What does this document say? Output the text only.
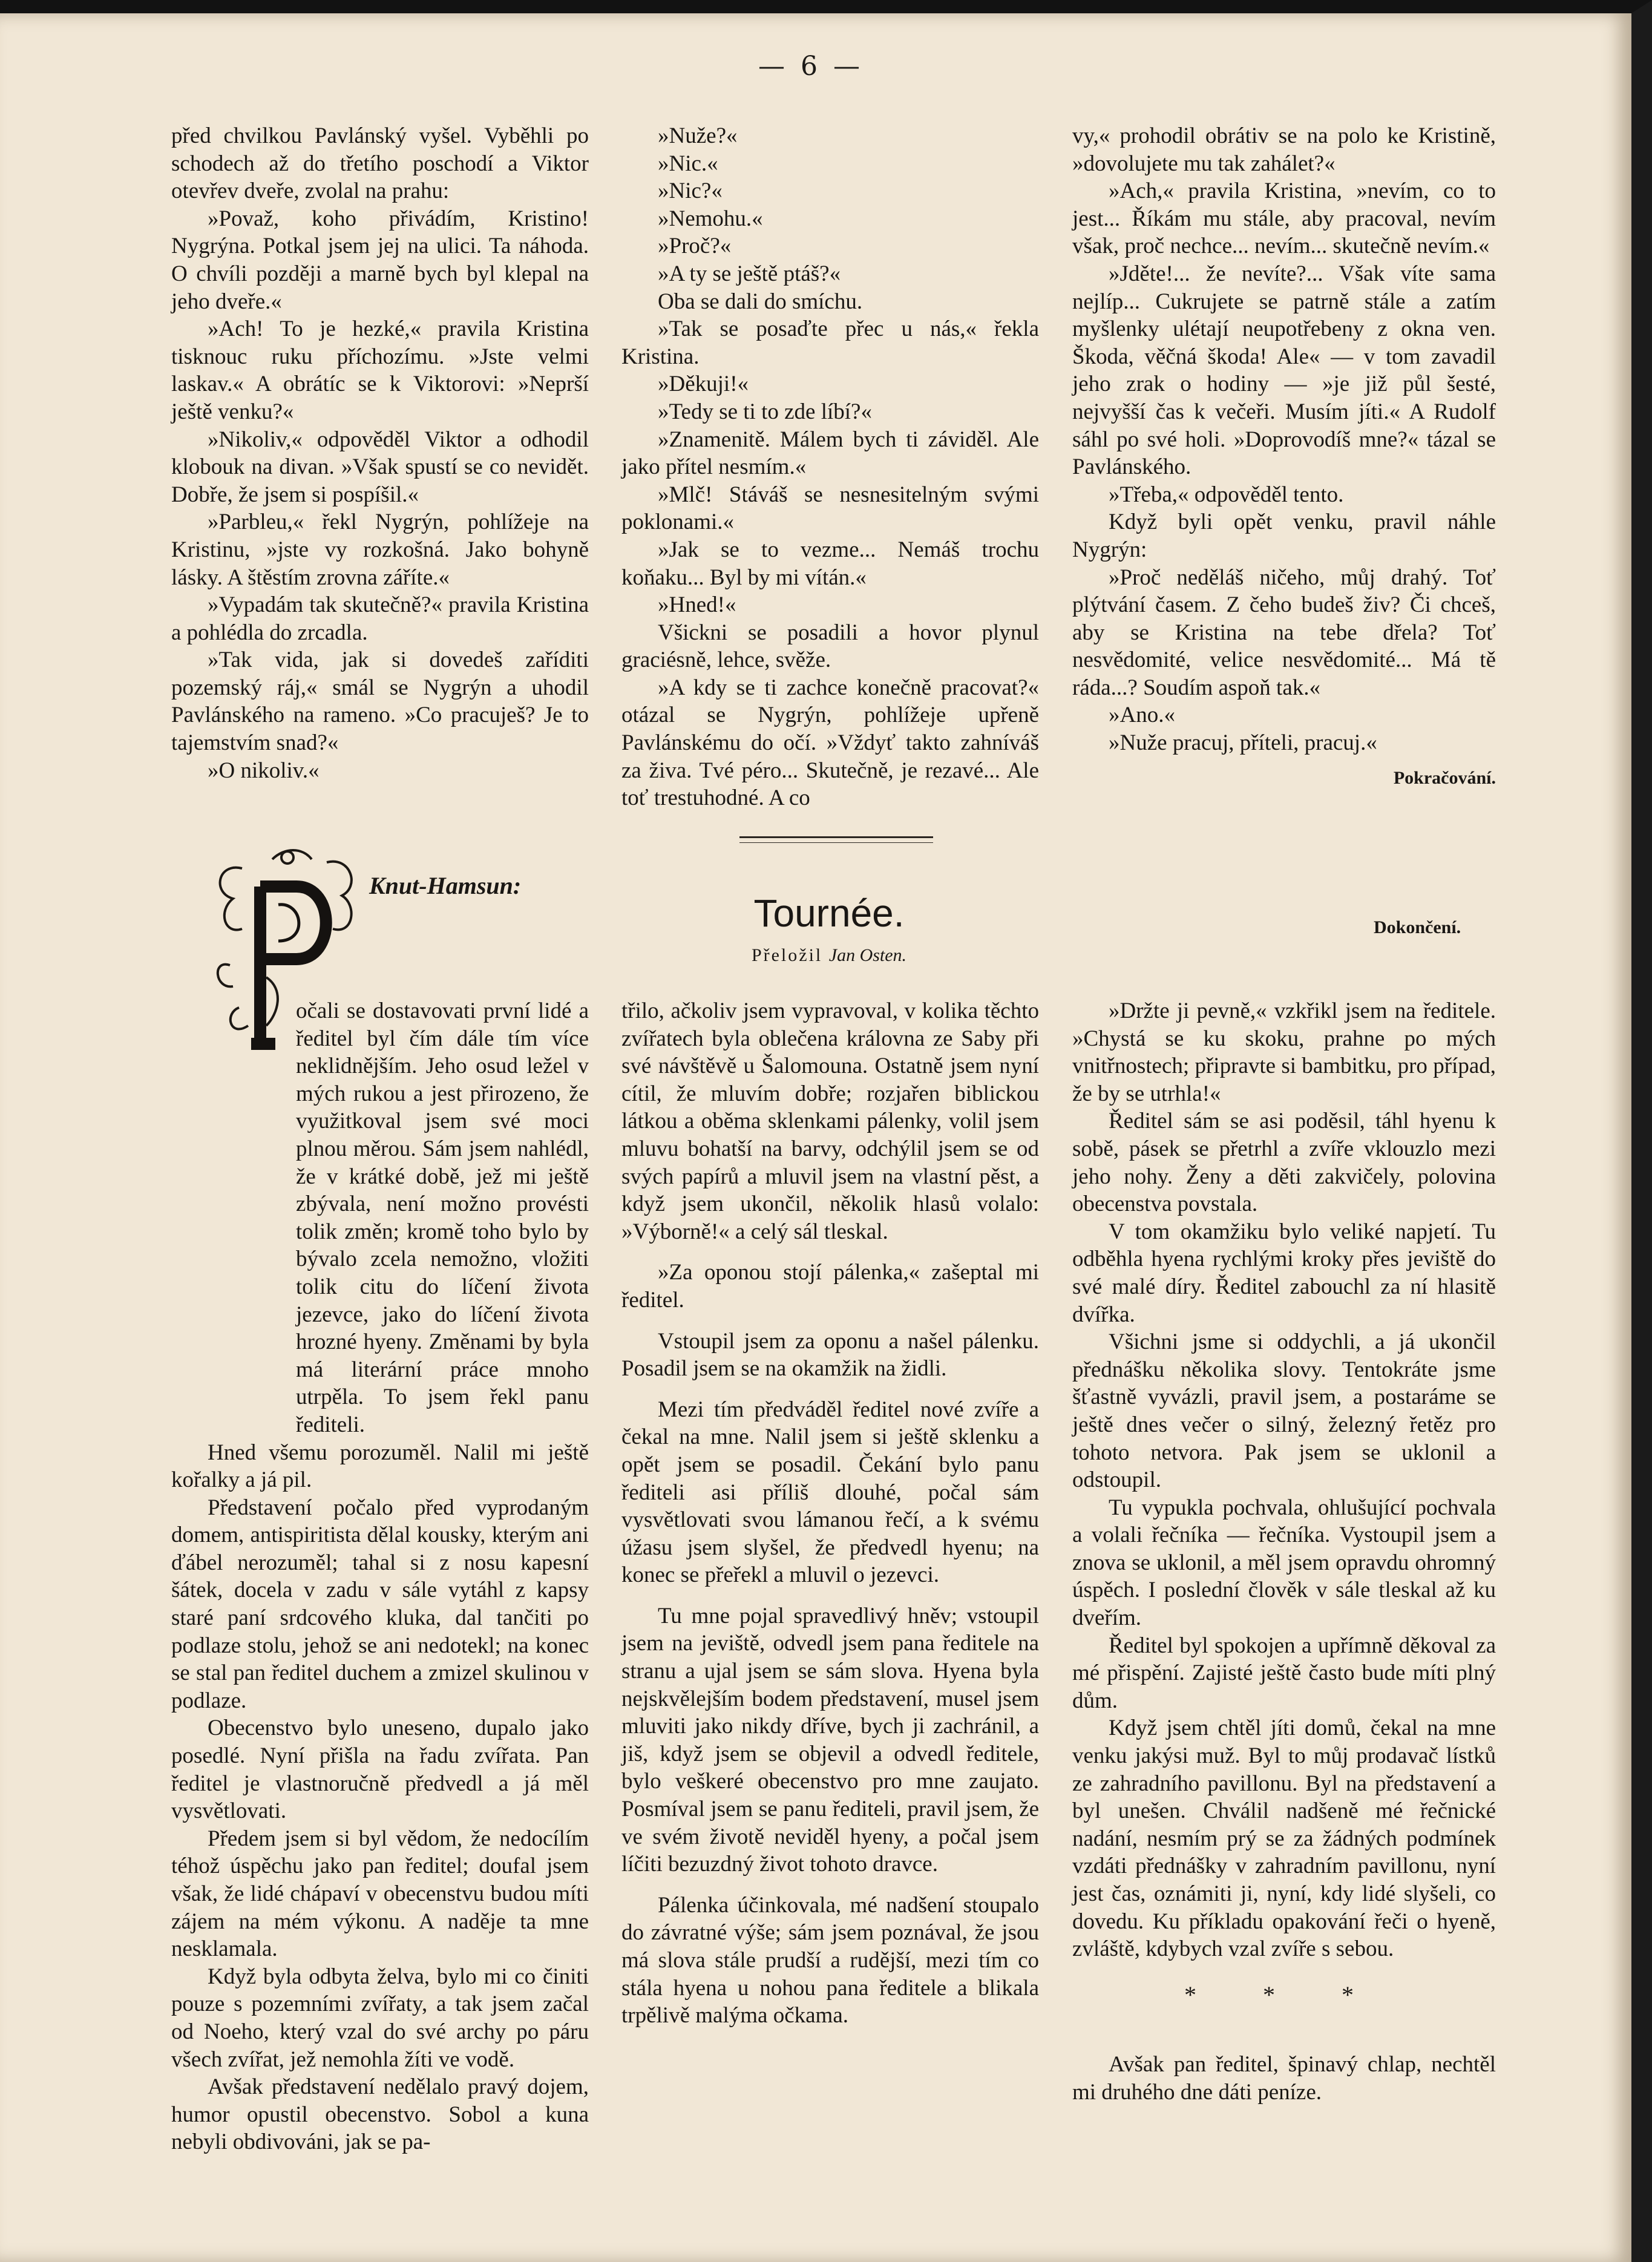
— 6 —

před chvilkou Pavlánský vyšel. Vyběhli po schodech až do třetího poschodí a Viktor otevřev dveře, zvolal na prahu:

»Považ, koho přivádím, Kristino! Nygrýna. Potkal jsem jej na ulici. Ta náhoda. O chvíli později a marně bych byl klepal na jeho dveře.«

»Ach! To je hezké,« pravila Kristina tisknouc ruku příchozímu. »Jste velmi laskav.« A obrátíc se k Viktorovi: »Neprší ještě venku?«

»Nikoliv,« odpověděl Viktor a odhodil klobouk na divan. »Však spustí se co nevidět. Dobře, že jsem si pospíšil.«

»Parbleu,« řekl Nygrýn, pohlížeje na Kristinu, »jste vy rozkošná. Jako bohyně lásky. A štěstím zrovna záříte.«

»Vypadám tak skutečně?« pravila Kristina a pohlédla do zrcadla.

»Tak vida, jak si dovedeš zaříditi pozemský ráj,« smál se Nygrýn a uhodil Pavlánského na rameno. »Co pracuješ? Je to tajemstvím snad?«

»O nikoliv.«

»Nuže?«

»Nic.«

»Nic?«

»Nemohu.«

»Proč?«

»A ty se ještě ptáš?«

Oba se dali do smíchu.

»Tak se posaďte přec u nás,« řekla Kristina.

»Děkuji!«

»Tedy se ti to zde líbí?«

»Znamenitě. Málem bych ti záviděl. Ale jako přítel nesmím.«

»Mlč! Stáváš se nesnesitelným svými poklonami.«

»Jak se to vezme... Nemáš trochu koňaku... Byl by mi vítán.«

»Hned!«

Všickni se posadili a hovor plynul graciésně, lehce, svěže.

»A kdy se ti zachce konečně pracovat?« otázal se Nygrýn, pohlížeje upřeně Pavlánskému do očí. »Vždyť takto zahníváš za živa. Tvé péro... Skutečně, je rezavé... Ale toť trestuhodné. A co

vy,« prohodil obrátiv se na polo ke Kristině, »dovolujete mu tak zahálet?«

»Ach,« pravila Kristina, »nevím, co to jest... Říkám mu stále, aby pracoval, nevím však, proč nechce... nevím... skutečně nevím.«

»Jděte!... že nevíte?... Však víte sama nejlíp... Cukrujete se patrně stále a zatím myšlenky ulétají neupotřebeny z okna ven. Škoda, věčná škoda! Ale« — v tom zavadil jeho zrak o hodiny — »je již půl šesté, nejvyšší čas k večeři. Musím jíti.« A Rudolf sáhl po své holi. »Doprovodíš mne?« tázal se Pavlánského.

»Třeba,« odpověděl tento.

Když byli opět venku, pravil náhle Nygrýn:

»Proč neděláš ničeho, můj drahý. Toť plýtvání časem. Z čeho budeš živ? Či chceš, aby se Kristina na tebe dřela? Toť nesvědomité, velice nesvědomité... Má tě ráda...? Soudím aspoň tak.«

»Ano.«

»Nuže pracuj, příteli, pracuj.«

Pokračování.

Knut-Hamsun:
Tournée.
Přeložil Jan Osten.
Dokončení.

očali se dostavovati první lidé a ředitel byl čím dále tím více neklidnějším. Jeho osud ležel v mých rukou a jest přirozeno, že využitkoval jsem své moci plnou měrou. Sám jsem nahlédl, že v krátké době, jež mi ještě zbývala, není možno provésti tolik změn; kromě toho bylo by bývalo zcela nemožno, vložiti tolik citu do líčení života jezevce, jako do líčení života hrozné hyeny. Změnami by byla má literární práce mnoho utrpěla. To jsem řekl panu řediteli.

Hned všemu porozuměl. Nalil mi ještě kořalky a já pil.

Představení počalo před vyprodaným domem, antispiritista dělal kousky, kterým ani ďábel nerozuměl; tahal si z nosu kapesní šátek, docela v zadu v sále vytáhl z kapsy staré paní srdcového kluka, dal tančiti po podlaze stolu, jehož se ani nedotekl; na konec se stal pan ředitel duchem a zmizel skulinou v podlaze.

Obecenstvo bylo uneseno, dupalo jako posedlé. Nyní přišla na řadu zvířata. Pan ředitel je vlastnoručně předvedl a já měl vysvětlovati.

Předem jsem si byl vědom, že nedocílím téhož úspěchu jako pan ředitel; doufal jsem však, že lidé chápaví v obecenstvu budou míti zájem na mém výkonu. A naděje ta mne nesklamala.

Když byla odbyta želva, bylo mi co činiti pouze s pozemními zvířaty, a tak jsem začal od Noeho, který vzal do své archy po páru všech zvířat, jež nemohla žíti ve vodě.

Avšak představení nedělalo pravý dojem, humor opustil obecenstvo. Sobol a kuna nebyli obdivováni, jak se pa-

třilo, ačkoliv jsem vypravoval, v kolika těchto zvířatech byla oblečena královna ze Saby při své návštěvě u Šalomouna. Ostatně jsem nyní cítil, že mluvím dobře; rozjařen biblickou látkou a oběma sklenkami pálenky, volil jsem mluvu bohatší na barvy, odchýlil jsem se od svých papírů a mluvil jsem na vlastní pěst, a když jsem ukončil, několik hlasů volalo: »Výborně!« a celý sál tleskal.

»Za oponou stojí pálenka,« zašeptal mi ředitel.

Vstoupil jsem za oponu a našel pálenku. Posadil jsem se na okamžik na židli.

Mezi tím předváděl ředitel nové zvíře a čekal na mne. Nalil jsem si ještě sklenku a opět jsem se posadil. Čekání bylo panu řediteli asi příliš dlouhé, počal sám vysvětlovati svou lámanou řečí, a k svému úžasu jsem slyšel, že předvedl hyenu; na konec se přeřekl a mluvil o jezevci.

Tu mne pojal spravedlivý hněv; vstoupil jsem na jeviště, odvedl jsem pana ředitele na stranu a ujal jsem se sám slova. Hyena byla nejskvělejším bodem představení, musel jsem mluviti jako nikdy dříve, bych ji zachránil, a jiš, když jsem se objevil a odvedl ředitele, bylo veškeré obecenstvo pro mne zaujato. Posmíval jsem se panu řediteli, pravil jsem, že ve svém životě neviděl hyeny, a počal jsem líčiti bezuzdný život tohoto dravce.

Pálenka účinkovala, mé nadšení stoupalo do závratné výše; sám jsem poznával, že jsou má slova stále prudší a rudější, mezi tím co stála hyena u nohou pana ředitele a blikala trpělivě malýma očkama.

»Držte ji pevně,« vzkřikl jsem na ředitele. »Chystá se ku skoku, prahne po mých vnitřnostech; připravte si bambitku, pro případ, že by se utrhla!«

Ředitel sám se asi poděsil, táhl hyenu k sobě, pásek se přetrhl a zvíře vklouzlo mezi jeho nohy. Ženy a děti zakvičely, polovina obecenstva povstala.

V tom okamžiku bylo veliké napjetí. Tu odběhla hyena rychlými kroky přes jeviště do své malé díry. Ředitel zabouchl za ní hlasitě dvířka.

Všichni jsme si oddychli, a já ukončil přednášku několika slovy. Tentokráte jsme šťastně vyvázli, pravil jsem, a postaráme se ještě dnes večer o silný, železný řetěz pro tohoto netvora. Pak jsem se uklonil a odstoupil.

Tu vypukla pochvala, ohlušující pochvala a volali řečníka — řečníka. Vystoupil jsem a znova se uklonil, a měl jsem opravdu ohromný úspěch. I poslední člověk v sále tleskal až ku dveřím.

Ředitel byl spokojen a upřímně děkoval za mé přispění. Zajisté ještě často bude míti plný dům.

Když jsem chtěl jíti domů, čekal na mne venku jakýsi muž. Byl to můj prodavač lístků ze zahradního pavillonu. Byl na představení a byl unešen. Chválil nadšeně mé řečnické nadání, nesmím prý se za žádných podmínek vzdáti přednášky v zahradním pavillonu, nyní jest čas, oznámiti ji, nyní, kdy lidé slyšeli, co dovedu. Ku příkladu opakování řeči o hyeně, zvláště, kdybych vzal zvíře s sebou.

* * *

Avšak pan ředitel, špinavý chlap, nechtěl mi druhého dne dáti peníze.
